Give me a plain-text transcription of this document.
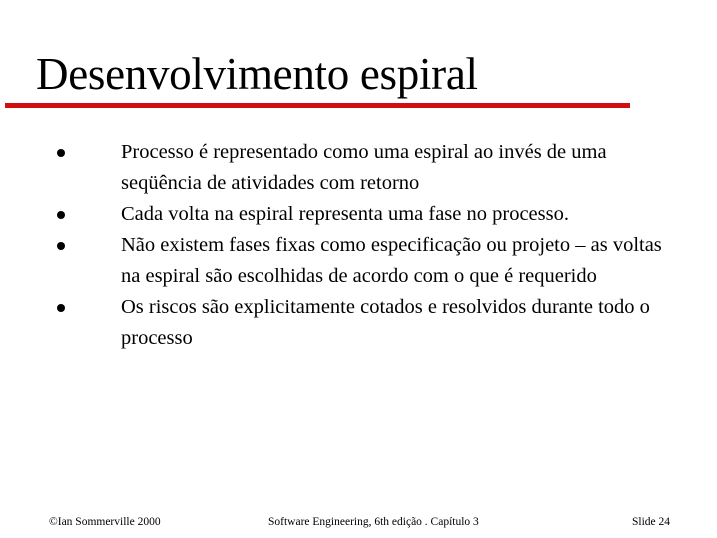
Desenvolvimento espiral
Processo é representado como uma espiral ao invés de uma seqüência de atividades com retorno
Cada volta na espiral representa uma fase no processo.
Não existem fases fixas como especificação ou projeto – as voltas na espiral são escolhidas de acordo com o que é requerido
Os riscos são explicitamente cotados e resolvidos durante todo o processo
©Ian Sommerville 2000	Software Engineering, 6th edição . Capítulo 3	Slide 24
